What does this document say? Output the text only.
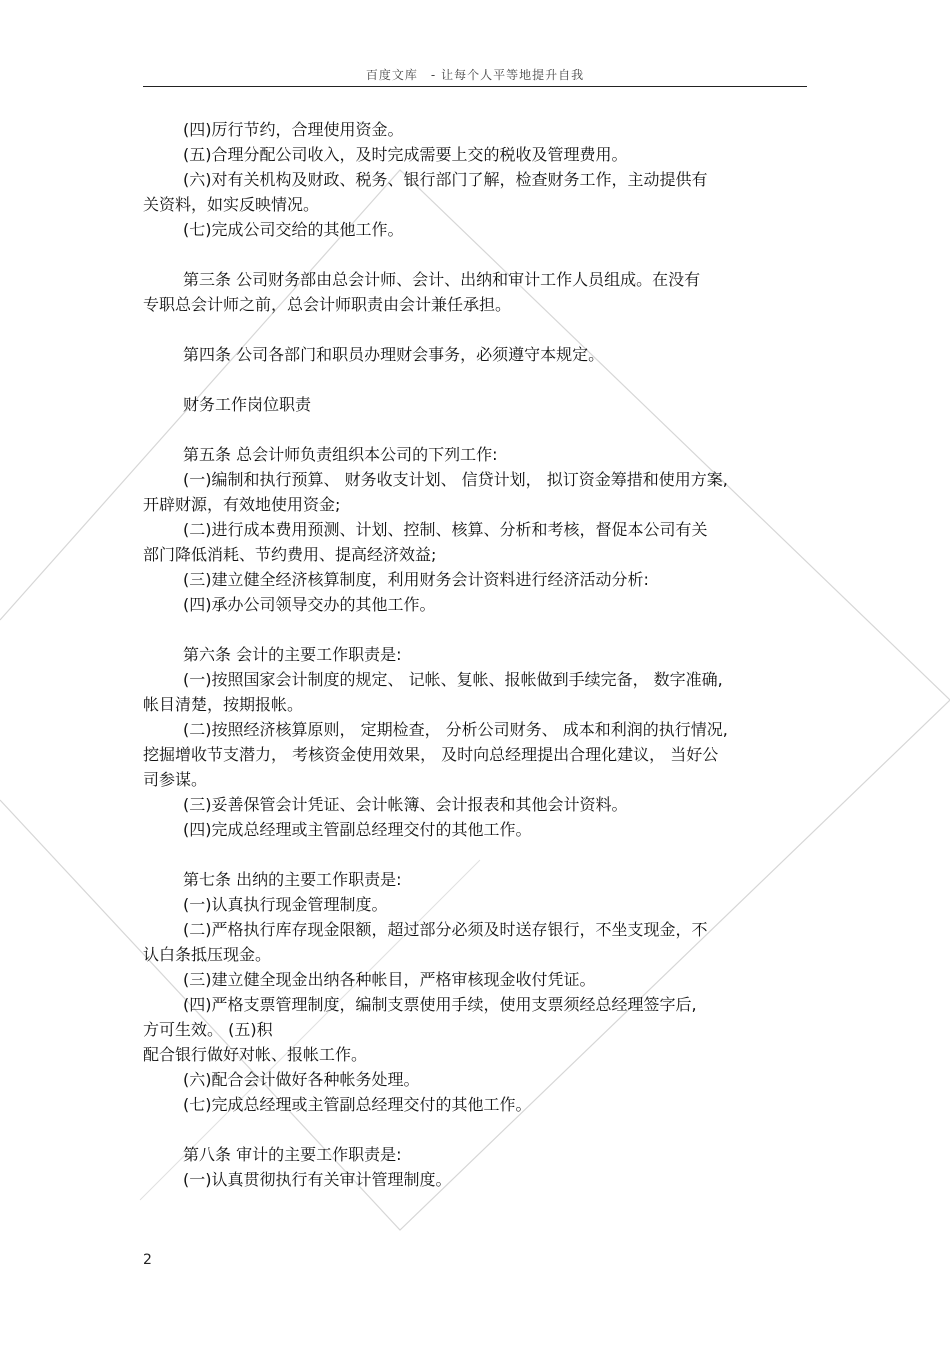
百度文库　- 让每个人平等地提升自我
(四)厉行节约，合理使用资金。
(五)合理分配公司收入，及时完成需要上交的税收及管理费用。
(六)对有关机构及财政、税务、银行部门了解，检查财务工作，主动提供有
关资料，如实反映情况。
(七)完成公司交给的其他工作。
第三条 公司财务部由总会计师、会计、出纳和审计工作人员组成。在没有
专职总会计师之前，总会计师职责由会计兼任承担。
第四条 公司各部门和职员办理财会事务，必须遵守本规定。
财务工作岗位职责
第五条 总会计师负责组织本公司的下列工作:
(一)编制和执行预算、 财务收支计划、 信贷计划， 拟订资金筹措和使用方案,
开辟财源，有效地使用资金;
(二)进行成本费用预测、计划、控制、核算、分析和考核，督促本公司有关
部门降低消耗、节约费用、提高经济效益;
(三)建立健全经济核算制度，利用财务会计资料进行经济活动分析:
(四)承办公司领导交办的其他工作。
第六条 会计的主要工作职责是:
(一)按照国家会计制度的规定、 记帐、复帐、报帐做到手续完备， 数字准确,
帐目清楚，按期报帐。
(二)按照经济核算原则， 定期检查， 分析公司财务、 成本和利润的执行情况,
挖掘增收节支潜力， 考核资金使用效果， 及时向总经理提出合理化建议， 当好公
司参谋。
(三)妥善保管会计凭证、会计帐簿、会计报表和其他会计资料。
(四)完成总经理或主管副总经理交付的其他工作。
第七条 出纳的主要工作职责是:
(一)认真执行现金管理制度。
(二)严格执行库存现金限额，超过部分必须及时送存银行，不坐支现金，不
认白条抵压现金。
(三)建立健全现金出纳各种帐目，严格审核现金收付凭证。
(四)严格支票管理制度，编制支票使用手续，使用支票须经总经理签字后,
方可生效。 (五)积
配合银行做好对帐、报帐工作。
(六)配合会计做好各种帐务处理。
(七)完成总经理或主管副总经理交付的其他工作。
第八条 审计的主要工作职责是:
(一)认真贯彻执行有关审计管理制度。
2
